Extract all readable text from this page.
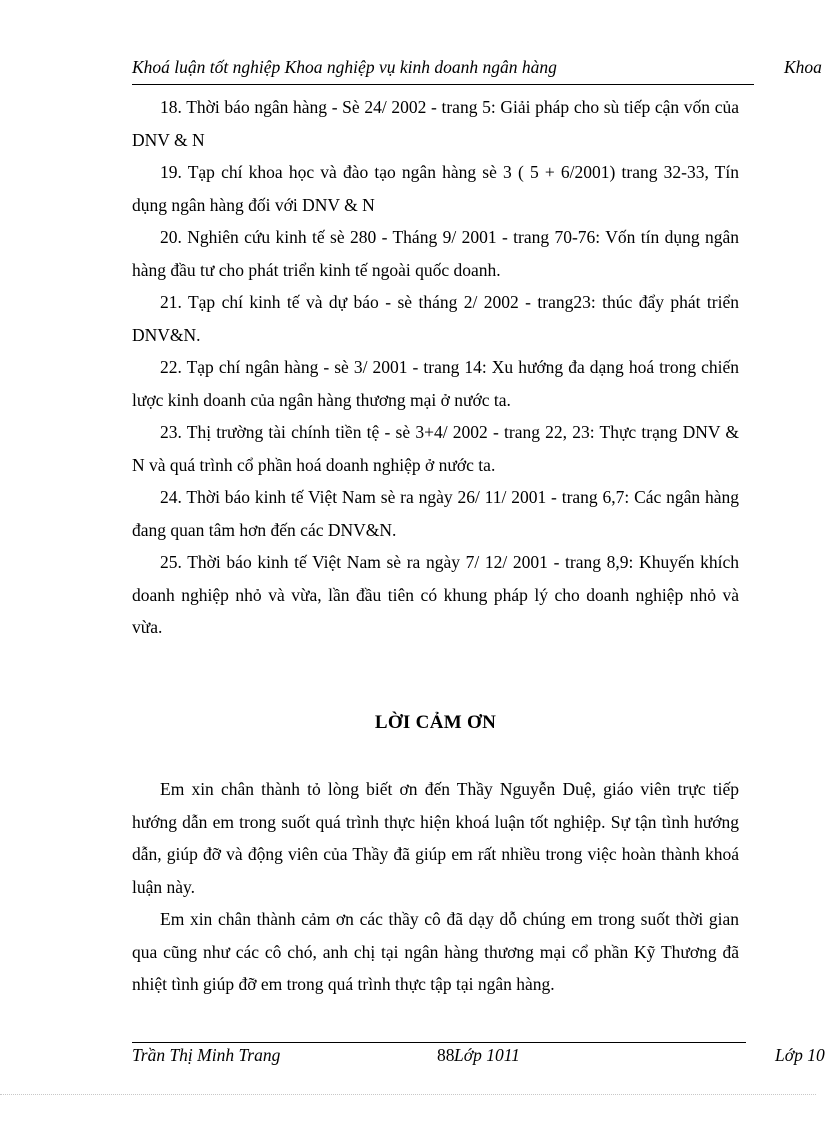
Khoá luận tốt nghiệp Khoa nghiệp vụ kinh doanh ngân hàng	Khoa

18. Thời báo ngân hàng - Sè 24/ 2002 - trang 5: Giải pháp cho sù tiếp cận vốn của DNV & N

19. Tạp chí khoa học và đào tạo ngân hàng sè 3 ( 5 + 6/2001) trang 32-33, Tín dụng ngân hàng đối với DNV & N

20. Nghiên cứu kinh tế sè 280 - Tháng 9/ 2001 - trang 70-76: Vốn tín dụng ngân hàng đầu tư cho phát triển kinh tế ngoài quốc doanh.

21. Tạp chí kinh tế và dự báo - sè tháng 2/ 2002 - trang23: thúc đẩy phát triển DNV&N.

22. Tạp chí ngân hàng - sè 3/ 2001 - trang 14: Xu hướng đa dạng hoá trong chiến lược kinh doanh của ngân hàng thương mại ở nước ta.

23. Thị trường tài chính tiền tệ - sè 3+4/ 2002 - trang 22, 23: Thực trạng DNV & N và quá trình cổ phần hoá doanh nghiệp ở nước ta.

24. Thời báo kinh tế Việt Nam sè ra ngày 26/ 11/ 2001 - trang 6,7: Các ngân hàng đang quan tâm hơn đến các DNV&N.

25. Thời báo kinh tế Việt Nam sè ra ngày 7/ 12/ 2001 - trang 8,9: Khuyến khích doanh nghiệp nhỏ và vừa, lần đầu tiên có khung pháp lý cho doanh nghiệp nhỏ và vừa.

LỜI CẢM ƠN

Em xin chân thành tỏ lòng biết ơn đến Thầy Nguyễn Duệ, giáo viên trực tiếp hướng dẫn em trong suốt quá trình thực hiện khoá luận tốt nghiệp. Sự tận tình hướng dẫn, giúp đỡ và động viên của Thầy đã giúp em rất nhiều trong việc hoàn thành khoá luận này.

Em xin chân thành cảm ơn các thầy cô đã dạy dỗ chúng em trong suốt thời gian qua cũng như các cô chó, anh chị tại ngân hàng thương mại cổ phần Kỹ Thương đã nhiệt tình giúp đỡ em trong quá trình thực tập tại ngân hàng.

Trần Thị Minh Trang	88 Lớp 1011	Lớp 10
